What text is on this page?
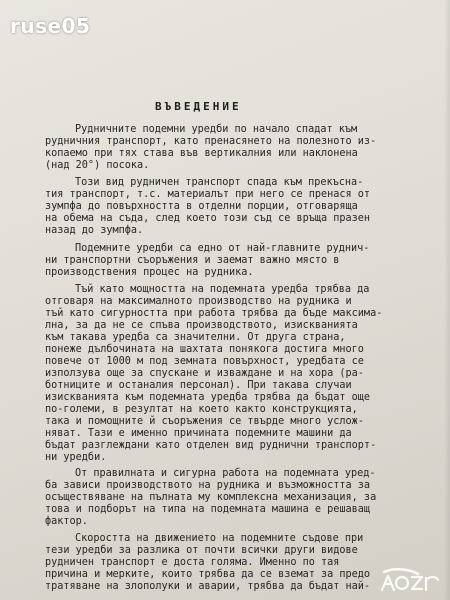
ruse05
ВЪВЕДЕНИЕ
Рудничните подемни уредби по начало спадат към
рудничния транспорт, като пренасянето на полезното из-
копаемо при тях става във вертикалния или наклонена
(над 20°) посока.
Този вид рудничен транспорт спада към прекъсна-
тия транспорт, т.с. материалът при него се пренася от
зумпфа до повърхността в отделни порции, отговаряща
на обема на съда, след което този съд се връща празен
назад до зумпфа.
Подемните уредби са едно от най-главните руднич-
ни транспортни съоръжения и заемат важно място в
производствения процес на рудника.
Тъй като мощността на подемната уредба трябва да
отговаря на максималното производство на рудника и
тъй като сигурността при работа трябва да бъде максима-
лна, за да не се спъва производството, изискванията
към такава уредба са значителни. От друга страна,
понеже дълбочината на шахтата понякога достига много
повече от 1000 м под земната повърхност, уредбата се
използува още за спускане и изваждане и на хора (ра-
ботниците и останалия персонал). При такава случаи
изискванията към подемната уредба трябва да бъдат още
по-големи, в резултат на което както конструкцията,
така и помощните й съоръжения се твърде много услож-
няват. Тази е именно причината подемните машини да
бъдат разглеждани като отделен вид руднични транспорт-
ни уредби.
От правилната и сигурна работа на подемната уред-
ба зависи производството на рудника и възможността за
осъществяване на пълната му комплексна механизация, за
това и подборът на типа на подемната машина е решаващ
фактор.
Скоростта на движението на подемните съдове при
тези уредби за разлика от почти всички други видове
рудничен транспорт е доста голяма. Именно по тая
причина и мерките, които трябва да се вземат за предо
тратяване на злополуки и аварии, трябва да бъдат най-
